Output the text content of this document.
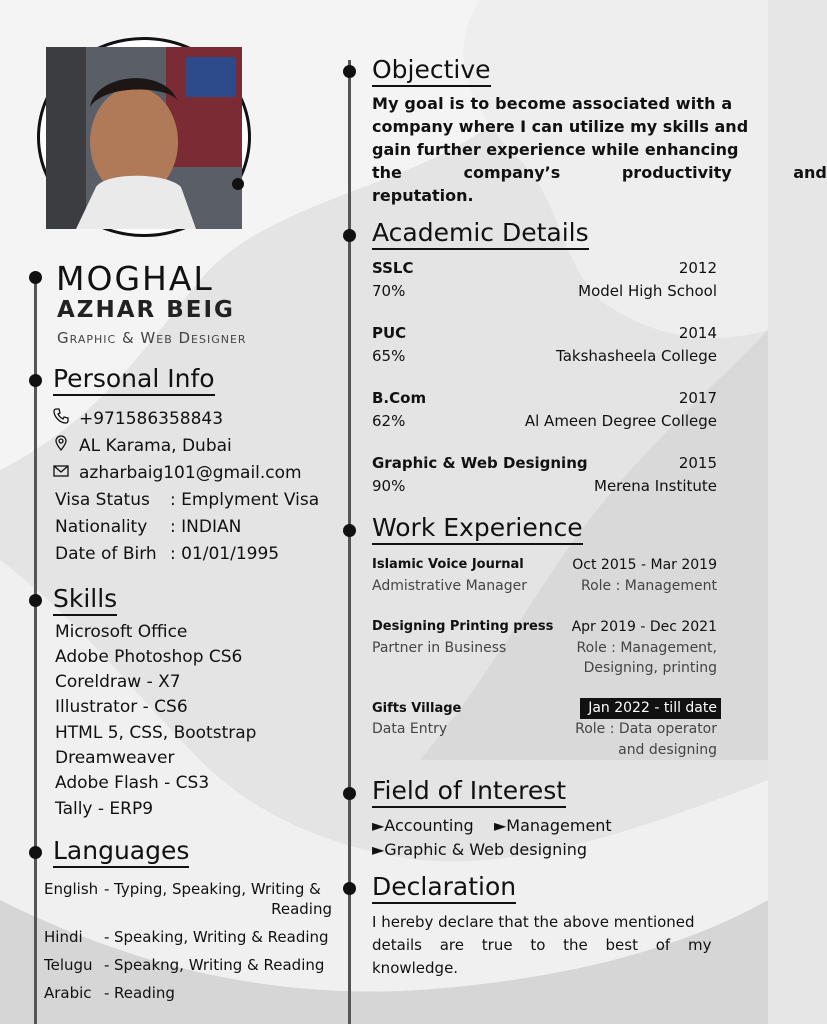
MOGHAL
AZHAR BEIG
Graphic & Web Designer
Personal Info
+971586358843
AL Karama, Dubai
azharbaig101@gmail.com
Visa Status : Emplyment Visa
Nationality : INDIAN
Date of Birh : 01/01/1995
Skills
Microsoft Office
Adobe Photoshop CS6
Coreldraw - X7
Illustrator - CS6
HTML 5, CSS, Bootstrap
Dreamweaver
Adobe Flash - CS3
Tally - ERP9
Languages
English - Typing, Speaking, Writing &
Reading
Hindi - Speaking, Writing & Reading
Telugu - Speakng, Writing & Reading
Arabic - Reading
Objective
My goal is to become associated with a
company where I can utilize my skills and
gain further experience while enhancing
the company’s productivity and
reputation.
Academic Details
SSLC	2012
70%	Model High School
PUC	2014
65%	Takshasheela College
B.Com	2017
62%	Al Ameen Degree College
Graphic & Web Designing	2015
90%	Merena Institute
Work Experience
Islamic Voice Journal	Oct 2015 - Mar 2019
Admistrative Manager	Role : Management
Designing Printing press	Apr 2019 - Dec 2021
Partner in Business	Role : Management,
Designing, printing
Gifts Village	Jan 2022 - till date
Data Entry	Role : Data operator
and designing
Field of Interest
►Accounting ►Management
►Graphic & Web designing
Declaration
I hereby declare that the above mentioned
details are true to the best of my
knowledge.
